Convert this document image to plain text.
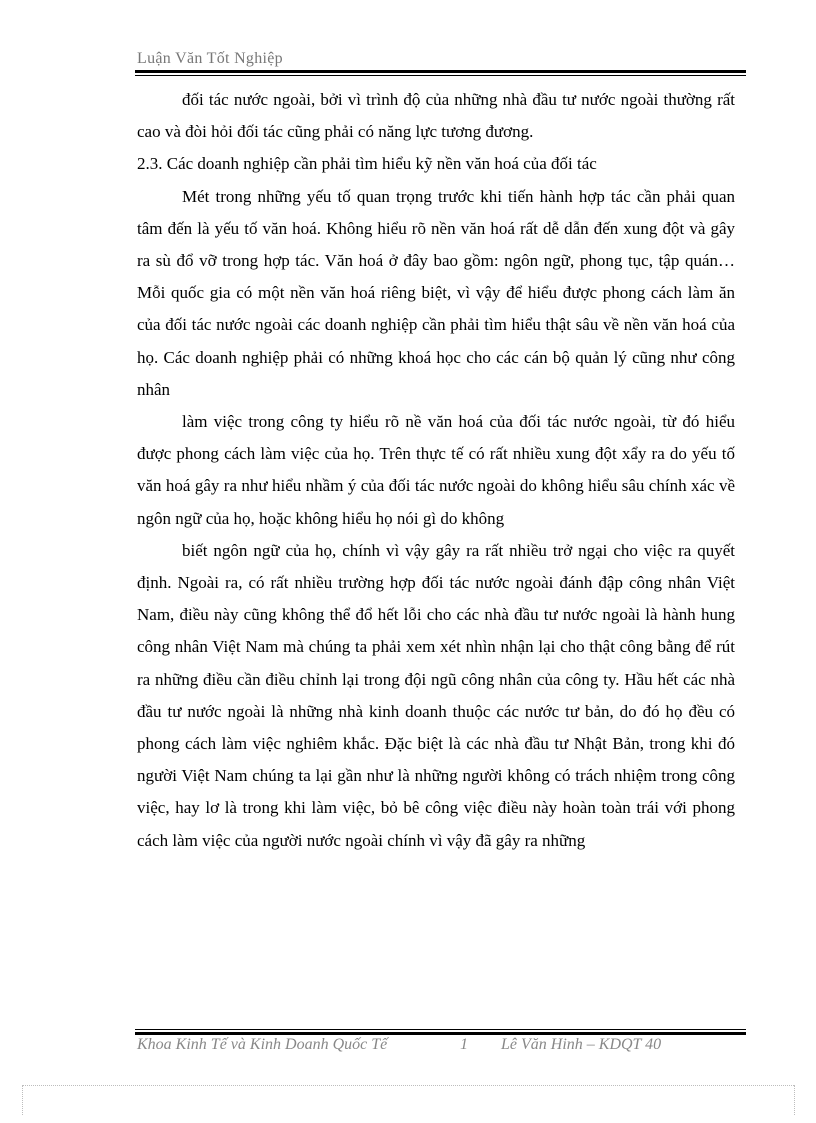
Luận Văn Tốt Nghiệp

đối tác nước ngoài, bởi vì trình độ của những nhà đầu tư nước ngoài thường rất cao và đòi hỏi đối tác cũng phải có năng lực tương đương.

2.3. Các doanh nghiệp cần phải tìm hiểu kỹ nền văn hoá của đối tác

Mét trong những yếu tố quan trọng trước khi tiến hành hợp tác cần phải quan tâm đến là yếu tố văn hoá. Không hiểu rõ nền văn hoá rất dễ dẫn đến xung đột và gây ra sù đổ vỡ trong hợp tác. Văn hoá ở đây bao gồm: ngôn ngữ, phong tục, tập quán… Mỗi quốc gia có một nền văn hoá riêng biệt, vì vậy để hiểu được phong cách làm ăn của đối tác nước ngoài các doanh nghiệp cần phải tìm hiểu thật sâu về nền văn hoá của họ. Các doanh nghiệp phải có những khoá học cho các cán bộ quản lý cũng như công nhân

làm việc trong công ty hiểu rõ nề văn hoá của đối tác nước ngoài, từ đó hiểu được phong cách làm việc của họ. Trên thực tế có rất nhiều xung đột xẩy ra do yếu tố văn hoá gây ra như hiểu nhầm ý của đối tác nước ngoài do không hiểu sâu chính xác về ngôn ngữ của họ, hoặc không hiểu họ nói gì do không

biết ngôn ngữ của họ, chính vì vậy gây ra rất nhiều trở ngại cho việc ra quyết định. Ngoài ra, có rất nhiều trường hợp đối tác nước ngoài đánh đập công nhân Việt Nam, điều này cũng không thể đổ hết lỗi cho các nhà đầu tư nước ngoài là hành hung công nhân Việt Nam mà chúng ta phải xem xét nhìn nhận lại cho thật công bằng để rút ra những điều cần điều chỉnh lại trong đội ngũ công nhân của công ty. Hầu hết các nhà đầu tư nước ngoài là những nhà kinh doanh thuộc các nước tư bản, do đó họ đều có phong cách làm việc nghiêm khắc. Đặc biệt là các nhà đầu tư Nhật Bản, trong khi đó người Việt Nam chúng ta lại gần như là những người không có trách nhiệm trong công việc, hay lơ là trong khi làm việc, bỏ bê công việc điều này hoàn toàn trái với phong cách làm việc của người nước ngoài chính vì vậy đã gây ra những

Khoa Kinh Tế và Kinh Doanh Quốc Tế	1 Lê Văn Hinh – KDQT 40
